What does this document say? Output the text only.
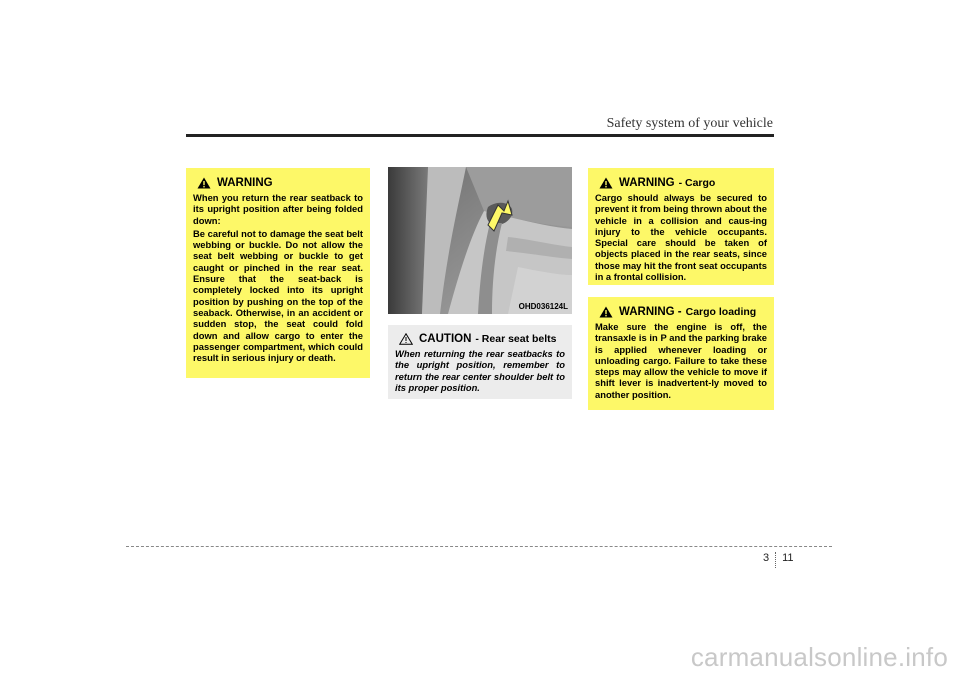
Safety system of your vehicle
WARNING

When you return the rear seatback to its upright position after being folded down:

Be careful not to damage the seat belt webbing or buckle. Do not allow the seat belt webbing or buckle to get caught or pinched in the rear seat. Ensure that the seat-back is completely locked into its upright position by pushing on the top of the seaback. Otherwise, in an accident or sudden stop, the seat could fold down and allow cargo to enter the passenger compartment, which could result in serious injury or death.

OHD036124L
CAUTION - Rear seat belts

When returning the rear seatbacks to the upright position, remember to return the rear center shoulder belt to its proper position.

WARNING - Cargo

Cargo should always be secured to prevent it from being thrown about the vehicle in a collision and caus-ing injury to the vehicle occupants. Special care should be taken of objects placed in the rear seats, since those may hit the front seat occupants in a frontal collision.

WARNING - Cargo loading

Make sure the engine is off, the transaxle is in P and the parking brake is applied whenever loading or unloading cargo. Failure to take these steps may allow the vehicle to move if shift lever is inadvertent-ly moved to another position.

3 11
carmanualsonline.info
